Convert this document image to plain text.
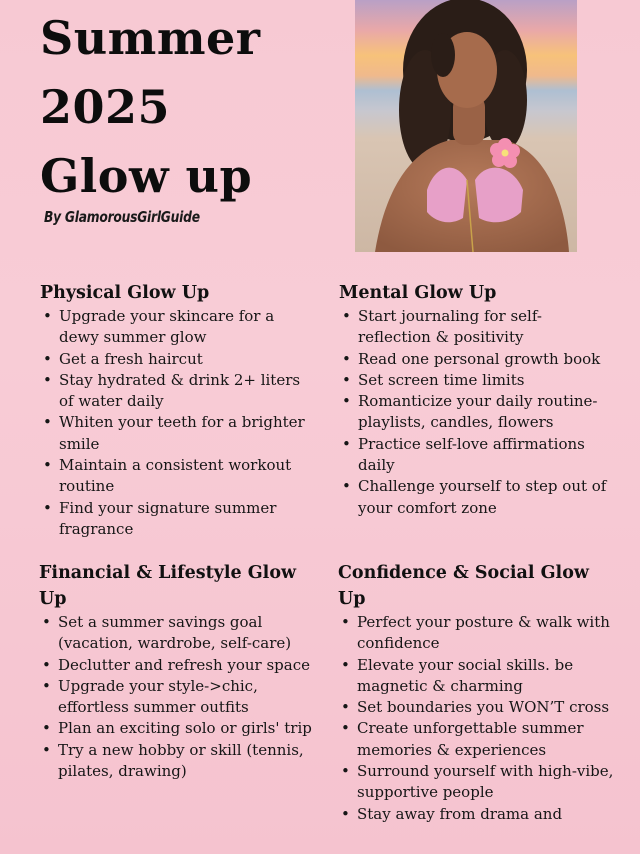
Summer
2025
Glow up
By GlamorousGirlGuide
Physical Glow Up
• Upgrade your skincare for a dewy summer glow
• Get a fresh haircut
• Stay hydrated & drink 2+ liters of water daily
• Whiten your teeth for a brighter smile
• Maintain a consistent workout routine
• Find your signature summer fragrance
Mental Glow Up
• Start journaling for self-reflection & positivity
• Read one personal growth book
• Set screen time limits
• Romanticize your daily routine-playlists, candles, flowers
• Practice self-love affirmations daily
• Challenge yourself to step out of your comfort zone
Financial & Lifestyle Glow Up
• Set a summer savings goal (vacation, wardrobe, self-care)
• Declutter and refresh your space
• Upgrade your style->chic, effortless summer outfits
• Plan an exciting solo or girls' trip
• Try a new hobby or skill (tennis, pilates, drawing)
Confidence & Social Glow Up
• Perfect your posture & walk with confidence
• Elevate your social skills. be magnetic & charming
• Set boundaries you WON’T cross
• Create unforgettable summer memories & experiences
• Surround yourself with high-vibe, supportive people
• Stay away from drama and
